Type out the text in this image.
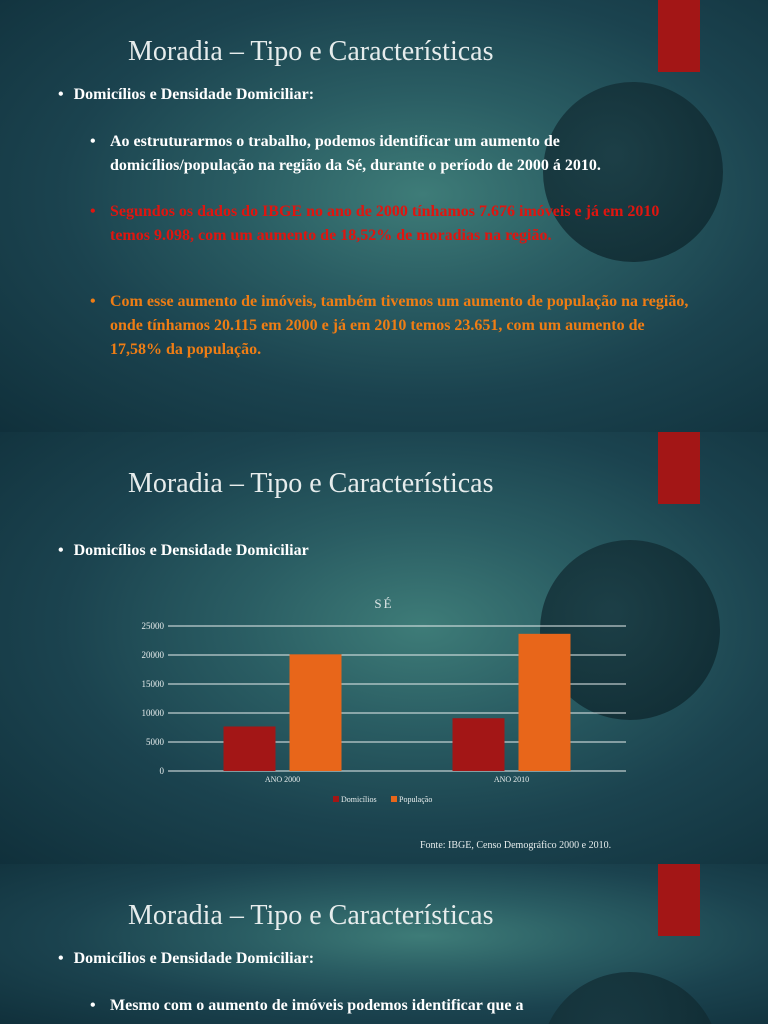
Moradia – Tipo e Características
• Domicílios e Densidade Domiciliar:
• Ao estruturarmos o trabalho, podemos identificar um aumento de domicílios/população na região da Sé, durante o período de 2000 á 2010.
• Segundos os dados do IBGE no ano de 2000 tínhamos 7.676 imóveis e já em 2010 temos 9.098, com um aumento de 18,52% de moradias na região.
• Com esse aumento de imóveis, também tivemos um aumento de população na região, onde tínhamos 20.115 em 2000 e já em 2010 temos 23.651, com um aumento de 17,58% da população.
Moradia – Tipo e Características
• Domicílios e Densidade Domiciliar
SÉ
0
5000
10000
15000
20000
25000
ANO 2000	ANO 2010
Domicílios	População
Fonte: IBGE, Censo Demográfico 2000 e 2010.
Moradia – Tipo e Características
• Domicílios e Densidade Domiciliar:
• Mesmo com o aumento de imóveis podemos identificar que a
